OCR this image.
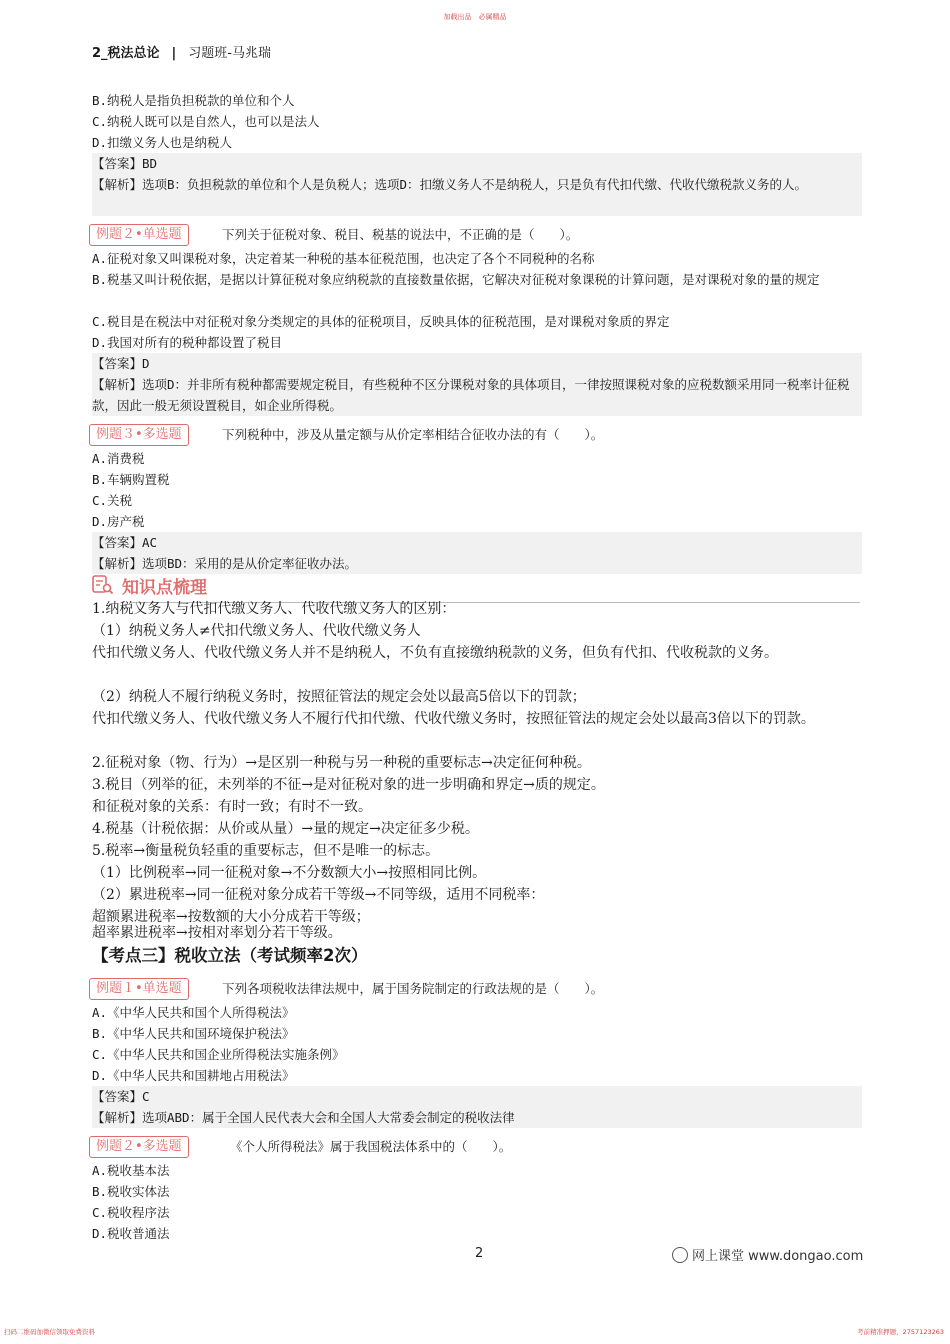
加载出品　必属精品
2_税法总论 | 习题班-马兆瑞
B.纳税人是指负担税款的单位和个人
C.纳税人既可以是自然人，也可以是法人
D.扣缴义务人也是纳税人
【答案】BD
【解析】选项B：负担税款的单位和个人是负税人；选项D：扣缴义务人不是纳税人，只是负有代扣代缴、代收代缴税款义务的人。
例题２•单选题	下列关于征税对象、税目、税基的说法中，不正确的是（　　）。
A.征税对象又叫课税对象，决定着某一种税的基本征税范围，也决定了各个不同税种的名称
B.税基又叫计税依据，是据以计算征税对象应纳税款的直接数量依据，它解决对征税对象课税的计算问题，是对课税对象的量的规定
C.税目是在税法中对征税对象分类规定的具体的征税项目，反映具体的征税范围，是对课税对象质的界定
D.我国对所有的税种都设置了税目
【答案】D
【解析】选项D：并非所有税种都需要规定税目，有些税种不区分课税对象的具体项目，一律按照课税对象的应税数额采用同一税率计征税款，因此一般无须设置税目，如企业所得税。
例题３•多选题	下列税种中，涉及从量定额与从价定率相结合征收办法的有（　　）。
A.消费税
B.车辆购置税
C.关税
D.房产税
【答案】AC
【解析】选项BD：采用的是从价定率征收办法。
知识点梳理
1.纳税义务人与代扣代缴义务人、代收代缴义务人的区别：
（1）纳税义务人≠代扣代缴义务人、代收代缴义务人
代扣代缴义务人、代收代缴义务人并不是纳税人，不负有直接缴纳税款的义务，但负有代扣、代收税款的义务。
（2）纳税人不履行纳税义务时，按照征管法的规定会处以最高5倍以下的罚款；
代扣代缴义务人、代收代缴义务人不履行代扣代缴、代收代缴义务时，按照征管法的规定会处以最高3倍以下的罚款。
2.征税对象（物、行为）→是区别一种税与另一种税的重要标志→决定征何种税。
3.税目（列举的征，未列举的不征→是对征税对象的进一步明确和界定→质的规定。
和征税对象的关系：有时一致；有时不一致。
4.税基（计税依据：从价或从量）→量的规定→决定征多少税。
5.税率→衡量税负轻重的重要标志，但不是唯一的标志。
（1）比例税率→同一征税对象→不分数额大小→按照相同比例。
（2）累进税率→同一征税对象分成若干等级→不同等级，适用不同税率：
超额累进税率→按数额的大小分成若干等级；
超率累进税率→按相对率划分若干等级。
【考点三】税收立法（考试频率2次）
例题１•单选题	下列各项税收法律法规中，属于国务院制定的行政法规的是（　　）。
A.《中华人民共和国个人所得税法》
B.《中华人民共和国环境保护税法》
C.《中华人民共和国企业所得税法实施条例》
D.《中华人民共和国耕地占用税法》
【答案】C
【解析】选项ABD：属于全国人民代表大会和全国人大常委会制定的税收法律
例题２•多选题	《个人所得税法》属于我国税法体系中的（　　）。
A.税收基本法
B.税收实体法
C.税收程序法
D.税收普通法
2	网上课堂 www.dongao.com
扫码二维码加微信领取免费资料	考前精准押题，2757123263
